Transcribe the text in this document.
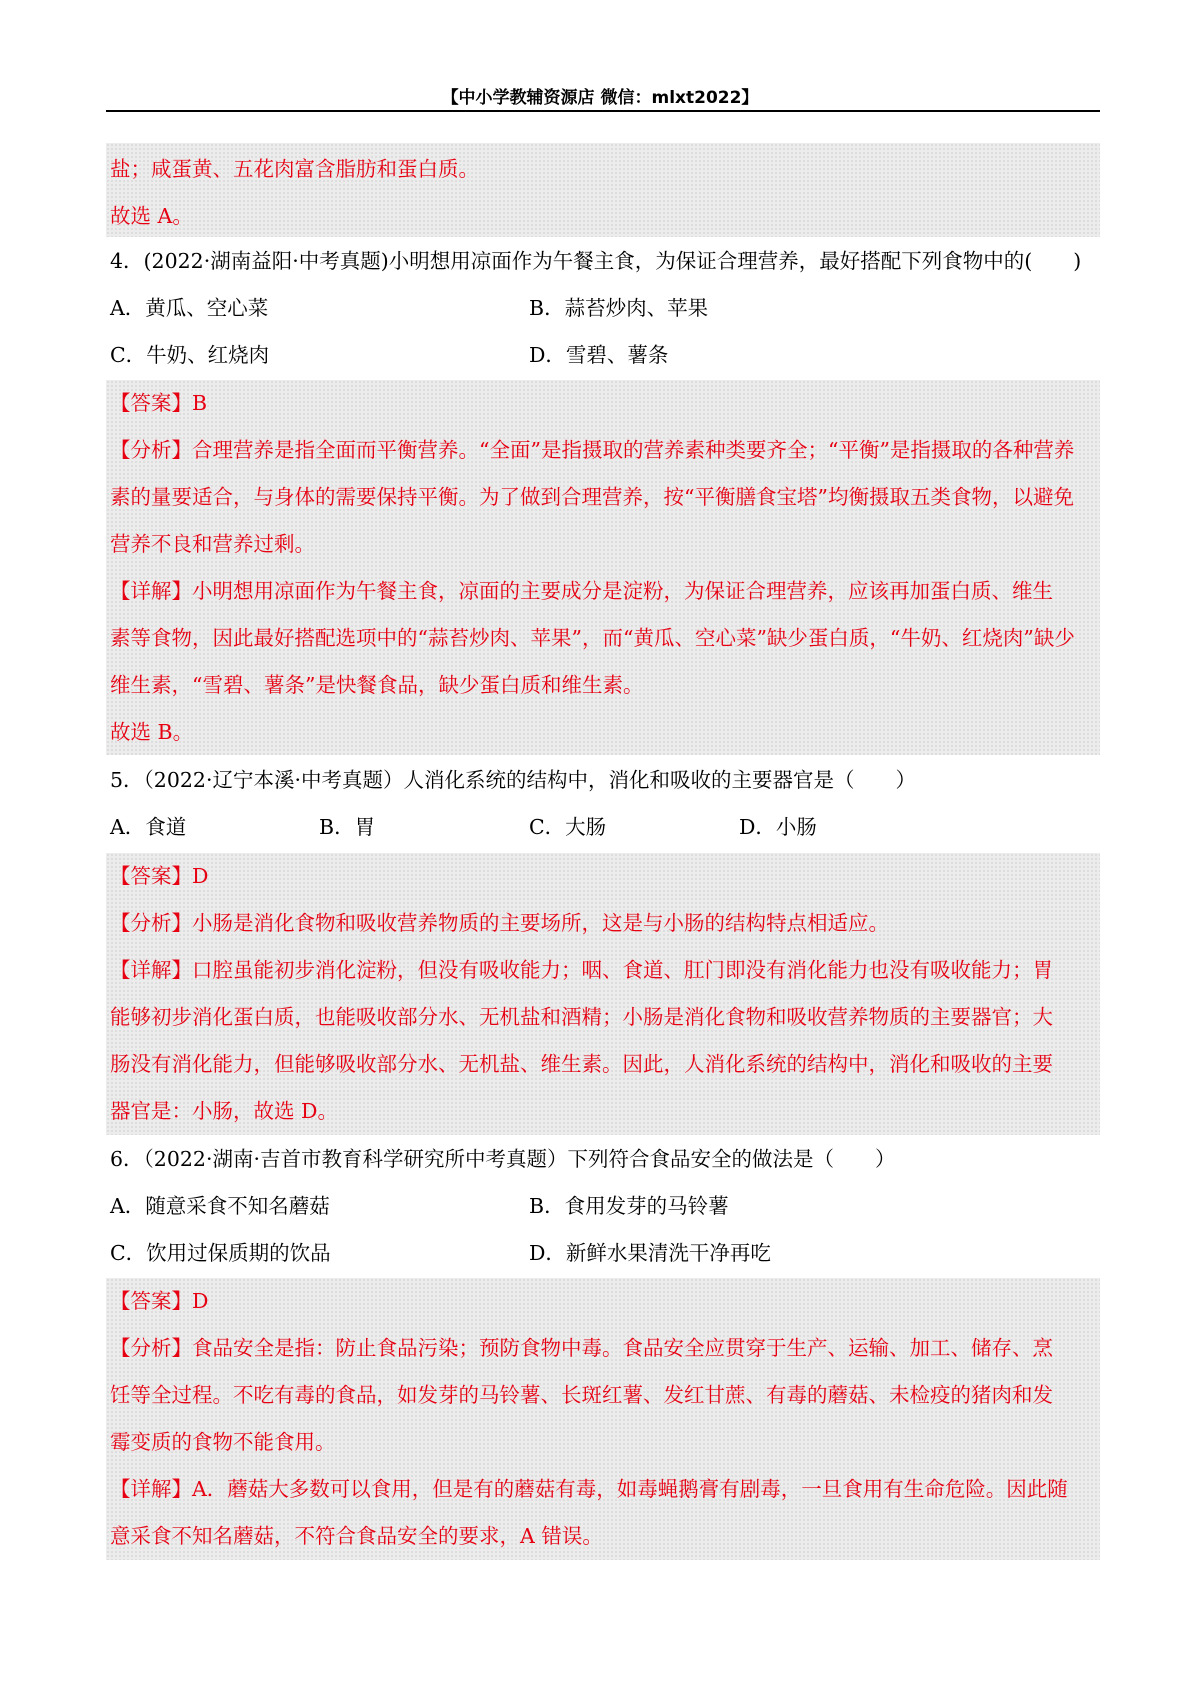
【中小学教辅资源店 微信：mlxt2022】
盐；咸蛋黄、五花肉富含脂肪和蛋白质。
故选 A。
4．(2022·湖南益阳·中考真题)小明想用凉面作为午餐主食，为保证合理营养，最好搭配下列食物中的(　　)
A．黄瓜、空心菜	B．蒜苔炒肉、苹果
C．牛奶、红烧肉	D．雪碧、薯条
【答案】B
【分析】合理营养是指全面而平衡营养。“全面”是指摄取的营养素种类要齐全；“平衡”是指摄取的各种营养
素的量要适合，与身体的需要保持平衡。为了做到合理营养，按“平衡膳食宝塔”均衡摄取五类食物，以避免
营养不良和营养过剩。
【详解】小明想用凉面作为午餐主食，凉面的主要成分是淀粉，为保证合理营养，应该再加蛋白质、维生
素等食物，因此最好搭配选项中的“蒜苔炒肉、苹果”，而“黄瓜、空心菜”缺少蛋白质，“牛奶、红烧肉”缺少
维生素，“雪碧、薯条”是快餐食品，缺少蛋白质和维生素。
故选 B。
5．（2022·辽宁本溪·中考真题）人消化系统的结构中，消化和吸收的主要器官是（　　）
A．食道	B．胃	C．大肠	D．小肠
【答案】D
【分析】小肠是消化食物和吸收营养物质的主要场所，这是与小肠的结构特点相适应。
【详解】口腔虽能初步消化淀粉，但没有吸收能力；咽、食道、肛门即没有消化能力也没有吸收能力；胃
能够初步消化蛋白质，也能吸收部分水、无机盐和酒精；小肠是消化食物和吸收营养物质的主要器官；大
肠没有消化能力，但能够吸收部分水、无机盐、维生素。因此，人消化系统的结构中，消化和吸收的主要
器官是：小肠，故选 D。
6．（2022·湖南·吉首市教育科学研究所中考真题）下列符合食品安全的做法是（　　）
A．随意采食不知名蘑菇	B．食用发芽的马铃薯
C．饮用过保质期的饮品	D．新鲜水果清洗干净再吃
【答案】D
【分析】食品安全是指：防止食品污染；预防食物中毒。食品安全应贯穿于生产、运输、加工、储存、烹
饪等全过程。不吃有毒的食品，如发芽的马铃薯、长斑红薯、发红甘蔗、有毒的蘑菇、未检疫的猪肉和发
霉变质的食物不能食用。
【详解】A．蘑菇大多数可以食用，但是有的蘑菇有毒，如毒蝇鹅膏有剧毒，一旦食用有生命危险。因此随
意采食不知名蘑菇，不符合食品安全的要求，A 错误。
